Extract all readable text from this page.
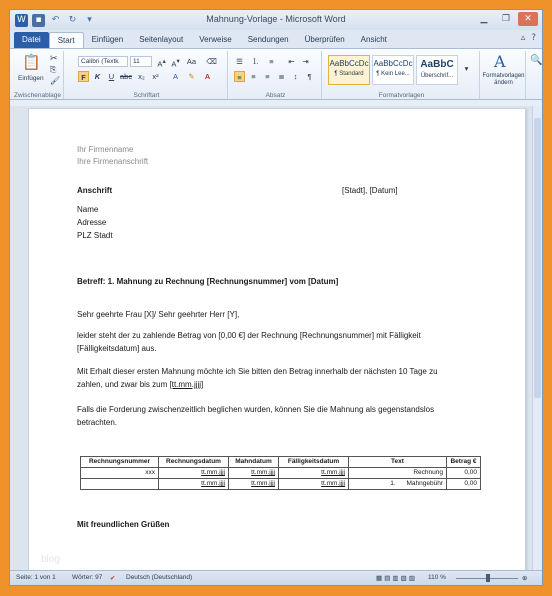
W	▪	↶	↻	▾	Mahnung-Vorlage - Microsoft Word	▁	❐	✕
Datei	Start	Einfügen	Seitenlayout	Verweise	Sendungen	Überprüfen	Ansicht	▵ ?
📋
Einfügen
✂
⎘
🖌
Zwischenablage
Calibri (Textk	11	A▴ A▾ Aa ⌫
F	K	U abc x₂	x²	A	✎	A
Schriftart
☰ ⒈	≡	⇤	⇥
≡	≡	≡	≣	↕	¶
Absatz
AaBbCcDc
¶ Standard
AaBbCcDc
¶ Kein Lee...
AaBbC
Überschrif...
▾
Formatvorlagen
A
Formatvorlagen ändern
🔍
Ihr Firmenname
Ihre Firmenanschrift
Anschrift	[Stadt], [Datum]
Name
Adresse
PLZ Stadt
Betreff: 1. Mahnung zu Rechnung [Rechnungsnummer] vom [Datum]
Sehr geehrte Frau [X]/ Sehr geehrter Herr [Y],
leider steht der zu zahlende Betrag von [0,00 €] der Rechnung [Rechnungsnummer] mit Fälligkeit
[Fälligkeitsdatum] aus.
Mit Erhalt dieser ersten Mahnung möchte ich Sie bitten den Betrag innerhalb der nächsten 10 Tage zu
zahlen, und zwar bis zum [tt.mm.jjjj]
Falls die Forderung zwischenzeitlich beglichen wurden, können Sie die Mahnung als gegenstandslos
betrachten.
Rechnungsnummer	Rechnungsdatum	Mahndatum	Fälligkeitsdatum	Text	Betrag €
xxx	tt.mm.jjjj	tt.mm.jjjj	tt.mm.jjjj	Rechnung	0,00
	tt.mm.jjjj	tt.mm.jjjj	tt.mm.jjjj	1.      Mahngebühr	0,00
Mit freundlichen Grüßen
blog
Seite: 1 von 1	Wörter: 97 ✔ Deutsch (Deutschland)	▦ ▤ ▥ ▧ ▨ 110 %	⊕
